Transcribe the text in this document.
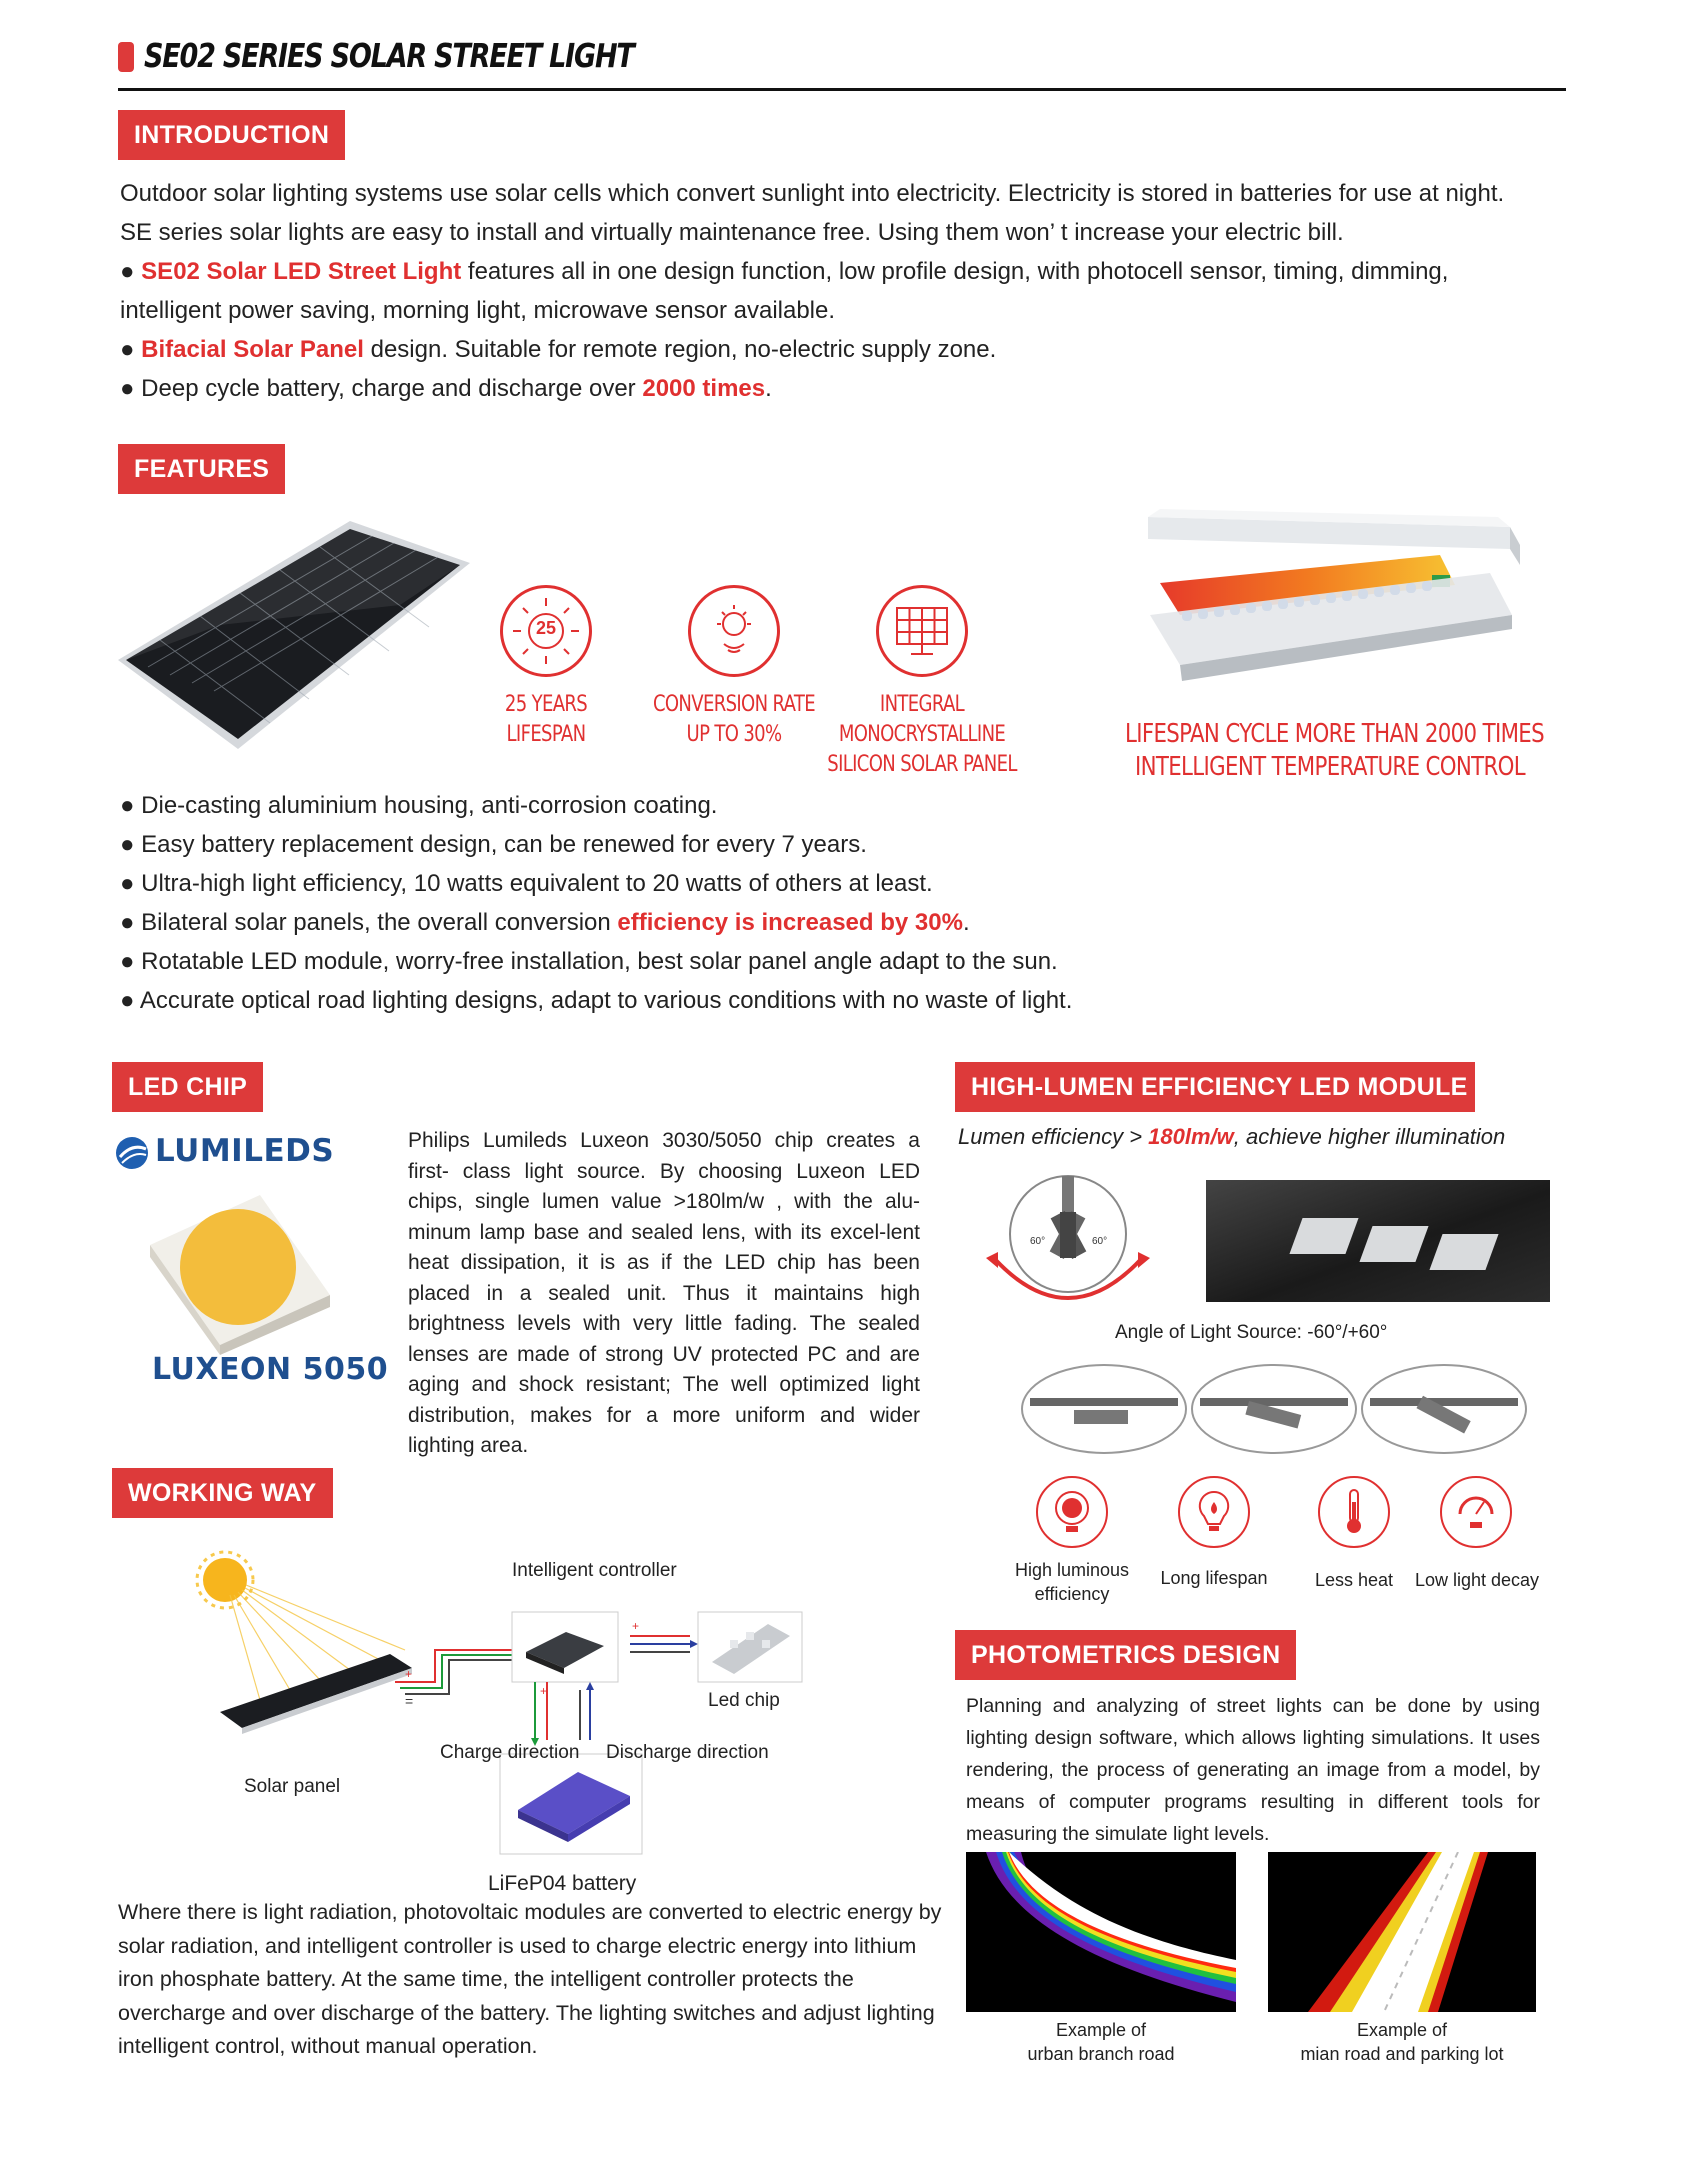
SE02 SERIES SOLAR STREET LIGHT
INTRODUCTION

Outdoor solar lighting systems use solar cells which convert sunlight into electricity. Electricity is stored in batteries for use at night.

SE series solar lights are easy to install and virtually maintenance free. Using them won’ t increase your electric bill.

● SE02 Solar LED Street Light features all in one design function, low profile design, with photocell sensor, timing, dimming,

intelligent power saving, morning light, microwave sensor available.

● Bifacial Solar Panel design. Suitable for remote region, no-electric supply zone.

● Deep cycle battery, charge and discharge over 2000 times.

FEATURES
25
25 YEARS
LIFESPAN
CONVERSION RATE
UP TO 30%
INTEGRAL
MONOCRYSTALLINE
SILICON SOLAR PANEL
LIFESPAN CYCLE MORE THAN 2000 TIMES
INTELLIGENT TEMPERATURE CONTROL

● Die-casting aluminium housing, anti-corrosion coating.

● Easy battery replacement design, can be renewed for every 7 years.

● Ultra-high light efficiency, 10 watts equivalent to 20 watts of others at least.

● Bilateral solar panels, the overall conversion efficiency is increased by 30%.

● Rotatable LED module, worry-free installation, best solar panel angle adapt to the sun.

● Accurate optical road lighting designs, adapt to various conditions with no waste of light.

LED CHIP
LUMILEDS
LUXEON 5050
Philips Lumileds Luxeon 3030/5050 chip creates a first- class light source. By choosing Luxeon LED chips, single lumen value >180lm/w , with the alu-minum lamp base and sealed lens, with its excel-lent heat dissipation, it is as if the LED chip has been placed in a sealed unit. Thus it maintains high brightness levels with very little fading. The sealed lenses are made of strong UV protected PC and are aging and shock resistant; The well optimized light distribution, makes for a more uniform and wider lighting area.
WORKING WAY
+
=
+
+
Intelligent controller
Led chip
Charge direction Discharge direction
Solar panel
LiFeP04 battery
Where there is light radiation, photovoltaic modules are converted to electric energy by solar radiation, and intelligent controller is used to charge electric energy into lithium iron phosphate battery. At the same time, the intelligent controller protects the overcharge and over discharge of the battery. The lighting switches and adjust lighting intelligent control, without manual operation.
HIGH-LUMEN EFFICIENCY LED MODULE
Lumen efficiency > 180lm/w, achieve higher illumination
60°	60°
Angle of Light Source: -60°/+60°
High luminous
efficiency
Long lifespan	Less heat	Low light decay
PHOTOMETRICS DESIGN
Planning and analyzing of street lights can be done by using lighting design software, which allows lighting simulations. It uses rendering, the process of generating an image from a model, by means of computer programs resulting in different tools for measuring the simulate light levels.
Example of
urban branch road
Example of
mian road and parking lot
